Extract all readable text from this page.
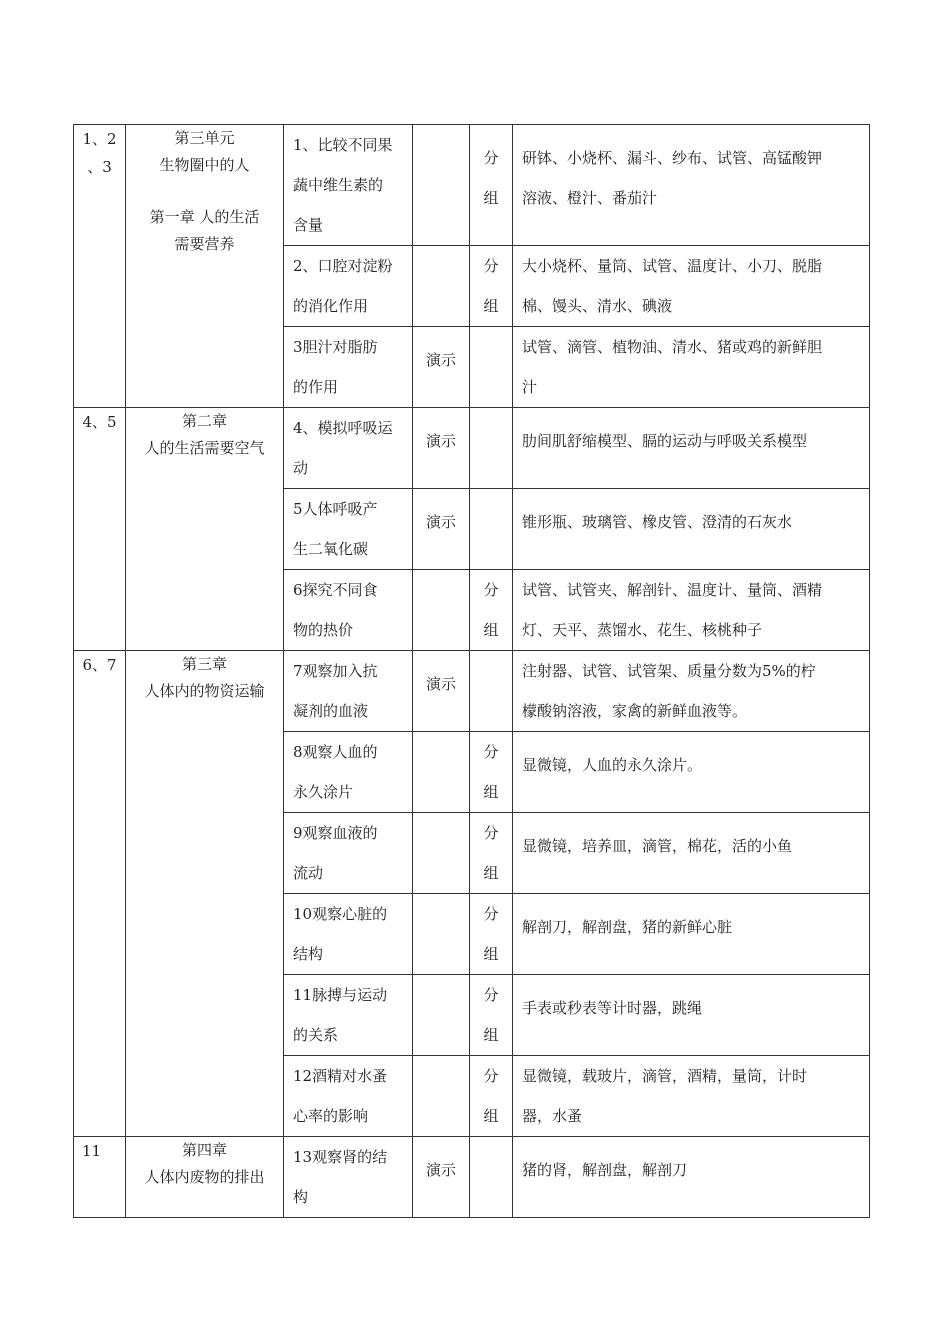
1、2
、3	第三单元
生物圈中的人
第一章 人的生活
需要营养	1、比较不同果
蔬中维生素的
含量		分
组	研钵、小烧杯、漏斗、纱布、试管、高锰酸钾
溶液、橙汁、番茄汁

		2、口腔对淀粉
的消化作用		分
组	大小烧杯、量筒、试管、温度计、小刀、脱脂
棉、馒头、清水、碘液

		3胆汁对脂肪
的作用	演示		试管、滴管、植物油、清水、猪或鸡的新鲜胆
汁

4、5	第二章
人的生活需要空气	4、模拟呼吸运
动	演示		肋间肌舒缩模型、膈的运动与呼吸关系模型

		5人体呼吸产
生二氧化碳	演示		锥形瓶、玻璃管、橡皮管、澄清的石灰水

		6探究不同食
物的热价		分
组	试管、试管夹、解剖针、温度计、量筒、酒精
灯、天平、蒸馏水、花生、核桃种子

6、7	第三章
人体内的物资运输	7观察加入抗
凝剂的血液	演示		注射器、试管、试管架、质量分数为5%的柠
檬酸钠溶液，家禽的新鲜血液等。

		8观察人血的
永久涂片		分
组	显微镜，人血的永久涂片。

		9观察血液的
流动		分
组	显微镜，培养皿，滴管，棉花，活的小鱼

		10观察心脏的
结构		分
组	解剖刀，解剖盘，猪的新鲜心脏

		11脉搏与运动
的关系		分
组	手表或秒表等计时器，跳绳

		12酒精对水蚤
心率的影响		分
组	显微镜，载玻片，滴管，酒精，量筒，计时
器，水蚤

11	第四章
人体内废物的排出	13观察肾的结
构	演示		猪的肾，解剖盘，解剖刀
